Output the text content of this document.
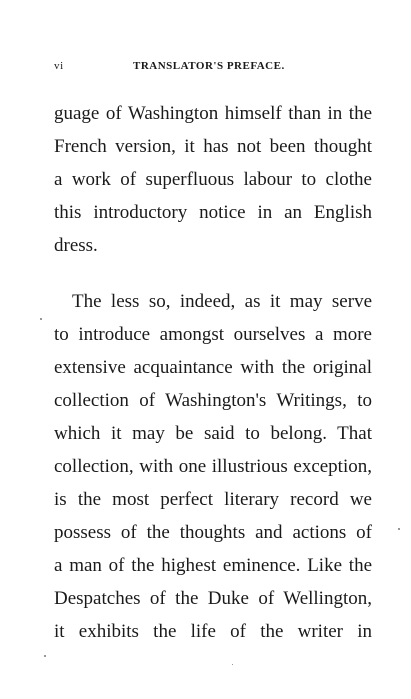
vi	TRANSLATOR'S PREFACE.
guage of Washington himself than in the
French version, it has not been thought
a work of superfluous labour to clothe
this introductory notice in an English
dress.
The less so, indeed, as it may serve
to introduce amongst ourselves a more
extensive acquaintance with the original
collection of Washington's Writings, to
which it may be said to belong. That
collection, with one illustrious exception,
is the most perfect literary record we
possess of the thoughts and actions of
a man of the highest eminence. Like the
Despatches of the Duke of Wellington,
it exhibits the life of the writer in
